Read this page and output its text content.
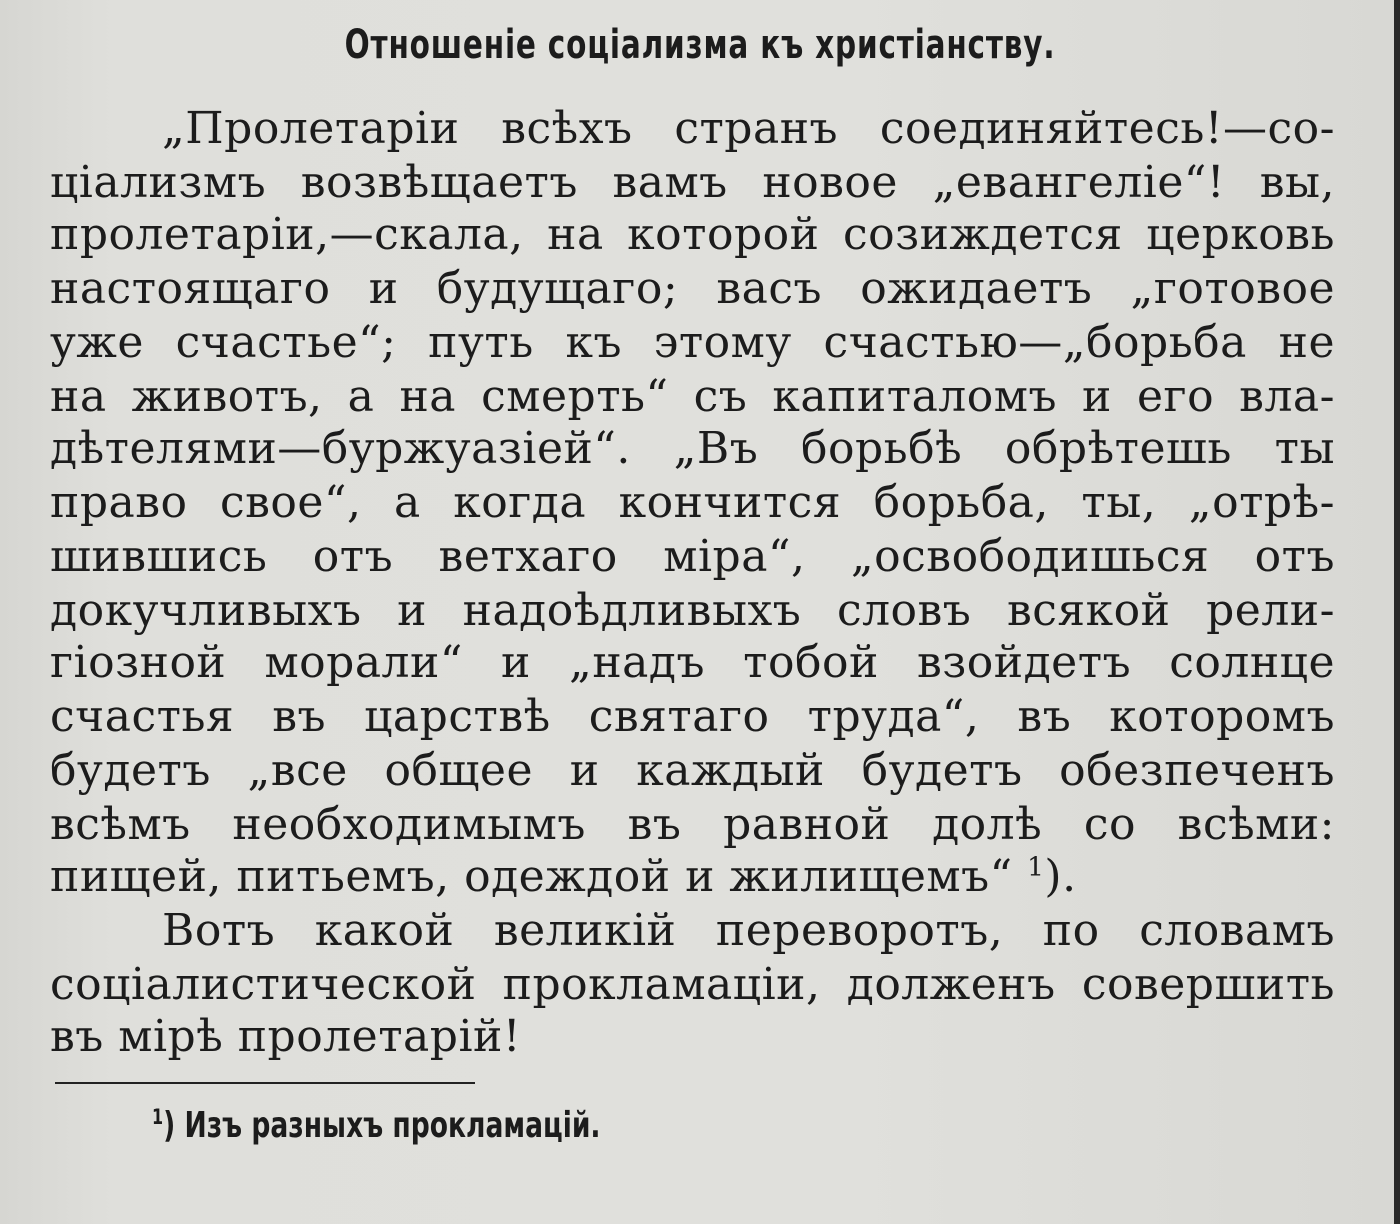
Отношеніе соціализма къ христіанству.
„Пролетаріи всѣхъ странъ соединяйтесь!—со-
ціализмъ возвѣщаетъ вамъ новое „евангеліе“! вы,
пролетаріи,—скала, на которой созиждется церковь
настоящаго и будущаго; васъ ожидаетъ „готовое
уже счастье“; путь къ этому счастью—„борьба не
на животъ, а на смерть“ съ капиталомъ и его вла-
дѣтелями—буржуазіей“. „Въ борьбѣ обрѣтешь ты
право свое“, а когда кончится борьба, ты, „отрѣ-
шившись отъ ветхаго міра“, „освободишься отъ
докучливыхъ и надоѣдливыхъ словъ всякой рели-
гіозной морали“ и „надъ тобой взойдетъ солнце
счастья въ царствѣ святаго труда“, въ которомъ
будетъ „все общее и каждый будетъ обезпеченъ
всѣмъ необходимымъ въ равной долѣ со всѣми:
пищей, питьемъ, одеждой и жилищемъ“ $^1$).
Вотъ какой великій переворотъ, по словамъ
соціалистической прокламаціи, долженъ совершить
въ мірѣ пролетарій!
$^1$) Изъ разныхъ прокламацій.
